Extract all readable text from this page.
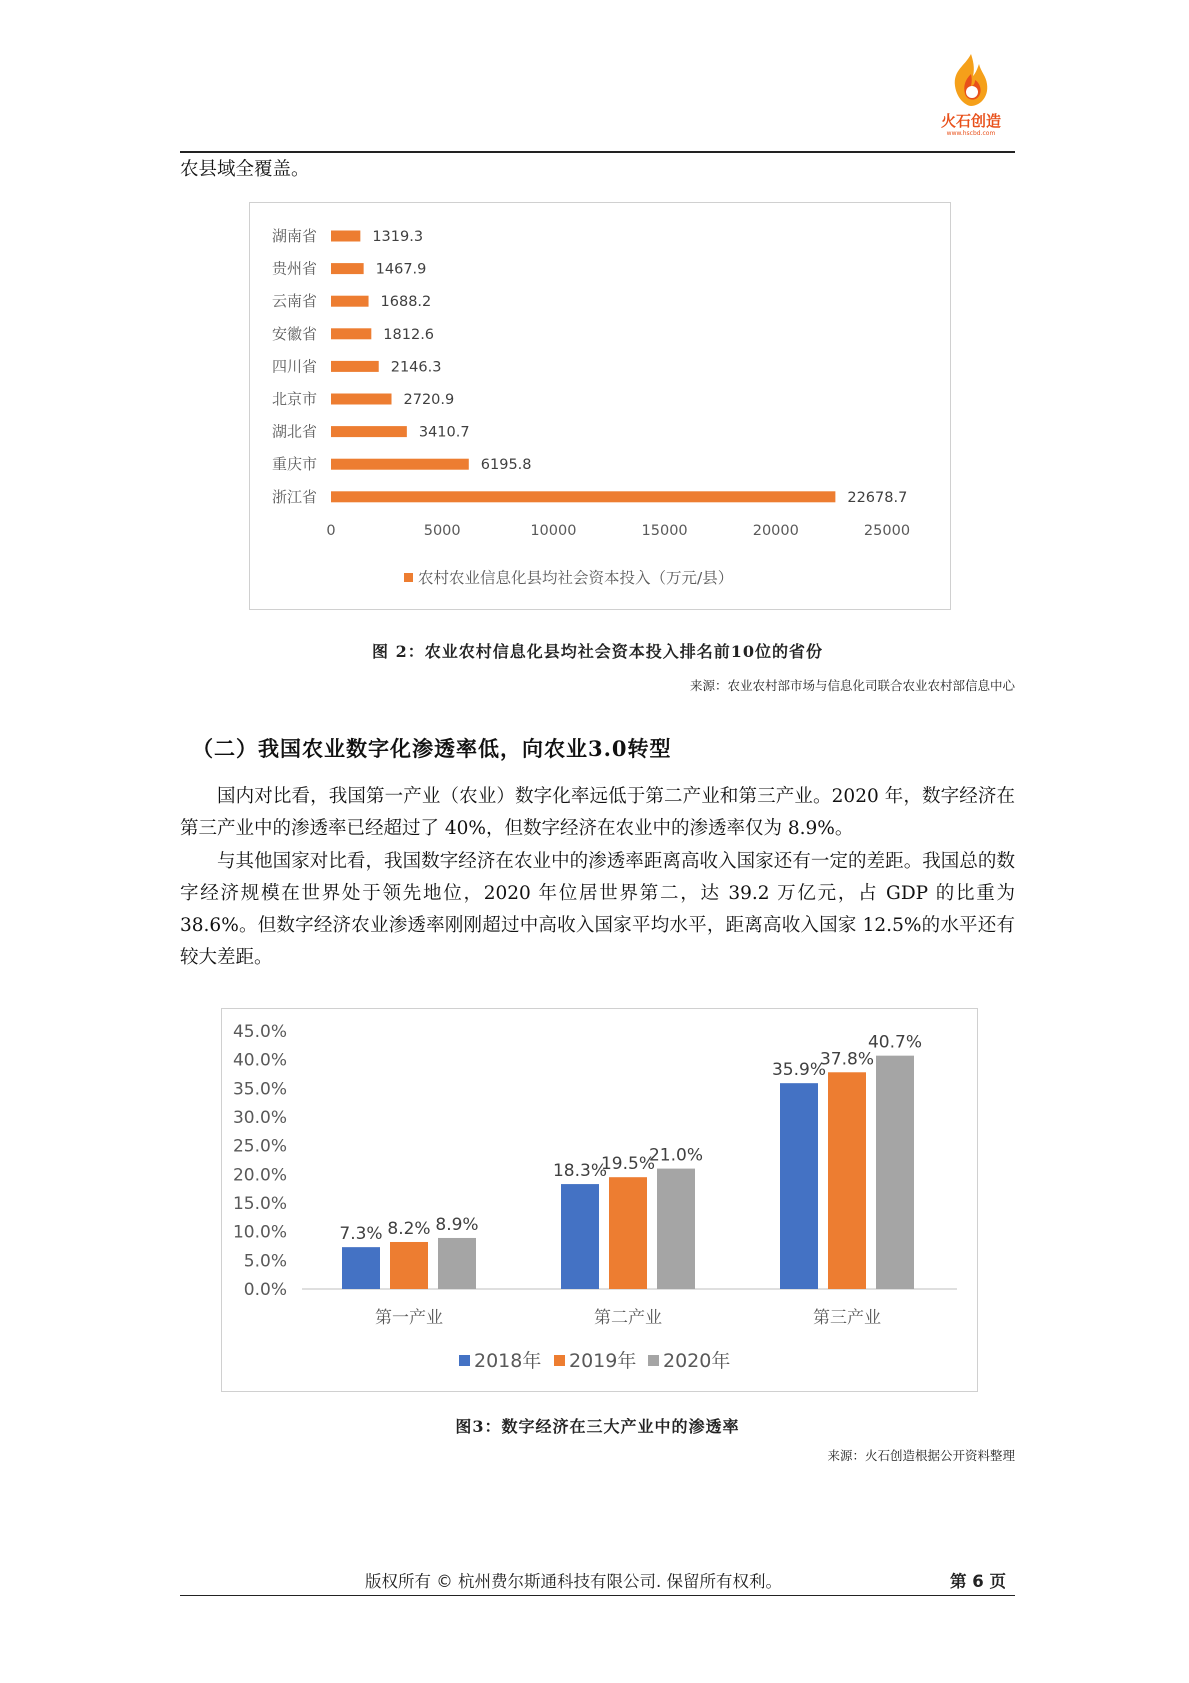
火石创造
www.hscbd.com
农县域全覆盖。
湖南省	1319.3
贵州省	1467.9
云南省	1688.2
安徽省	1812.6
四川省	2146.3
北京市	2720.9
湖北省	3410.7
重庆市	6195.8
浙江省	22678.7
0	5000	10000	15000	20000	25000
农村农业信息化县均社会资本投入（万元/县）
图 2：农业农村信息化县均社会资本投入排名前10位的省份
来源：农业农村部市场与信息化司联合农业农村部信息中心
（二）我国农业数字化渗透率低，向农业3.0转型

国内对比看，我国第一产业（农业）数字化率远低于第二产业和第三产业。2020 年，数字经济在第三产业中的渗透率已经超过了 40%，但数字经济在农业中的渗透率仅为 8.9%。

与其他国家对比看，我国数字经济在农业中的渗透率距离高收入国家还有一定的差距。我国总的数字经济规模在世界处于领先地位，2020 年位居世界第二，达 39.2 万亿元，占 GDP 的比重为 38.6%。但数字经济农业渗透率刚刚超过中高收入国家平均水平，距离高收入国家 12.5%的水平还有较大差距。

0.0%
5.0%
10.0%
15.0%
20.0%
25.0%
30.0%
35.0%
40.0%
45.0%
7.3% 8.2% 8.9%
第一产业
18.3%
19.5%
21.0%
第二产业
35.9%
37.8%
40.7%
第三产业
2018年 2019年 2020年
图3：数字经济在三大产业中的渗透率
来源：火石创造根据公开资料整理
版权所有 © 杭州费尔斯通科技有限公司. 保留所有权利。	第 6 页
